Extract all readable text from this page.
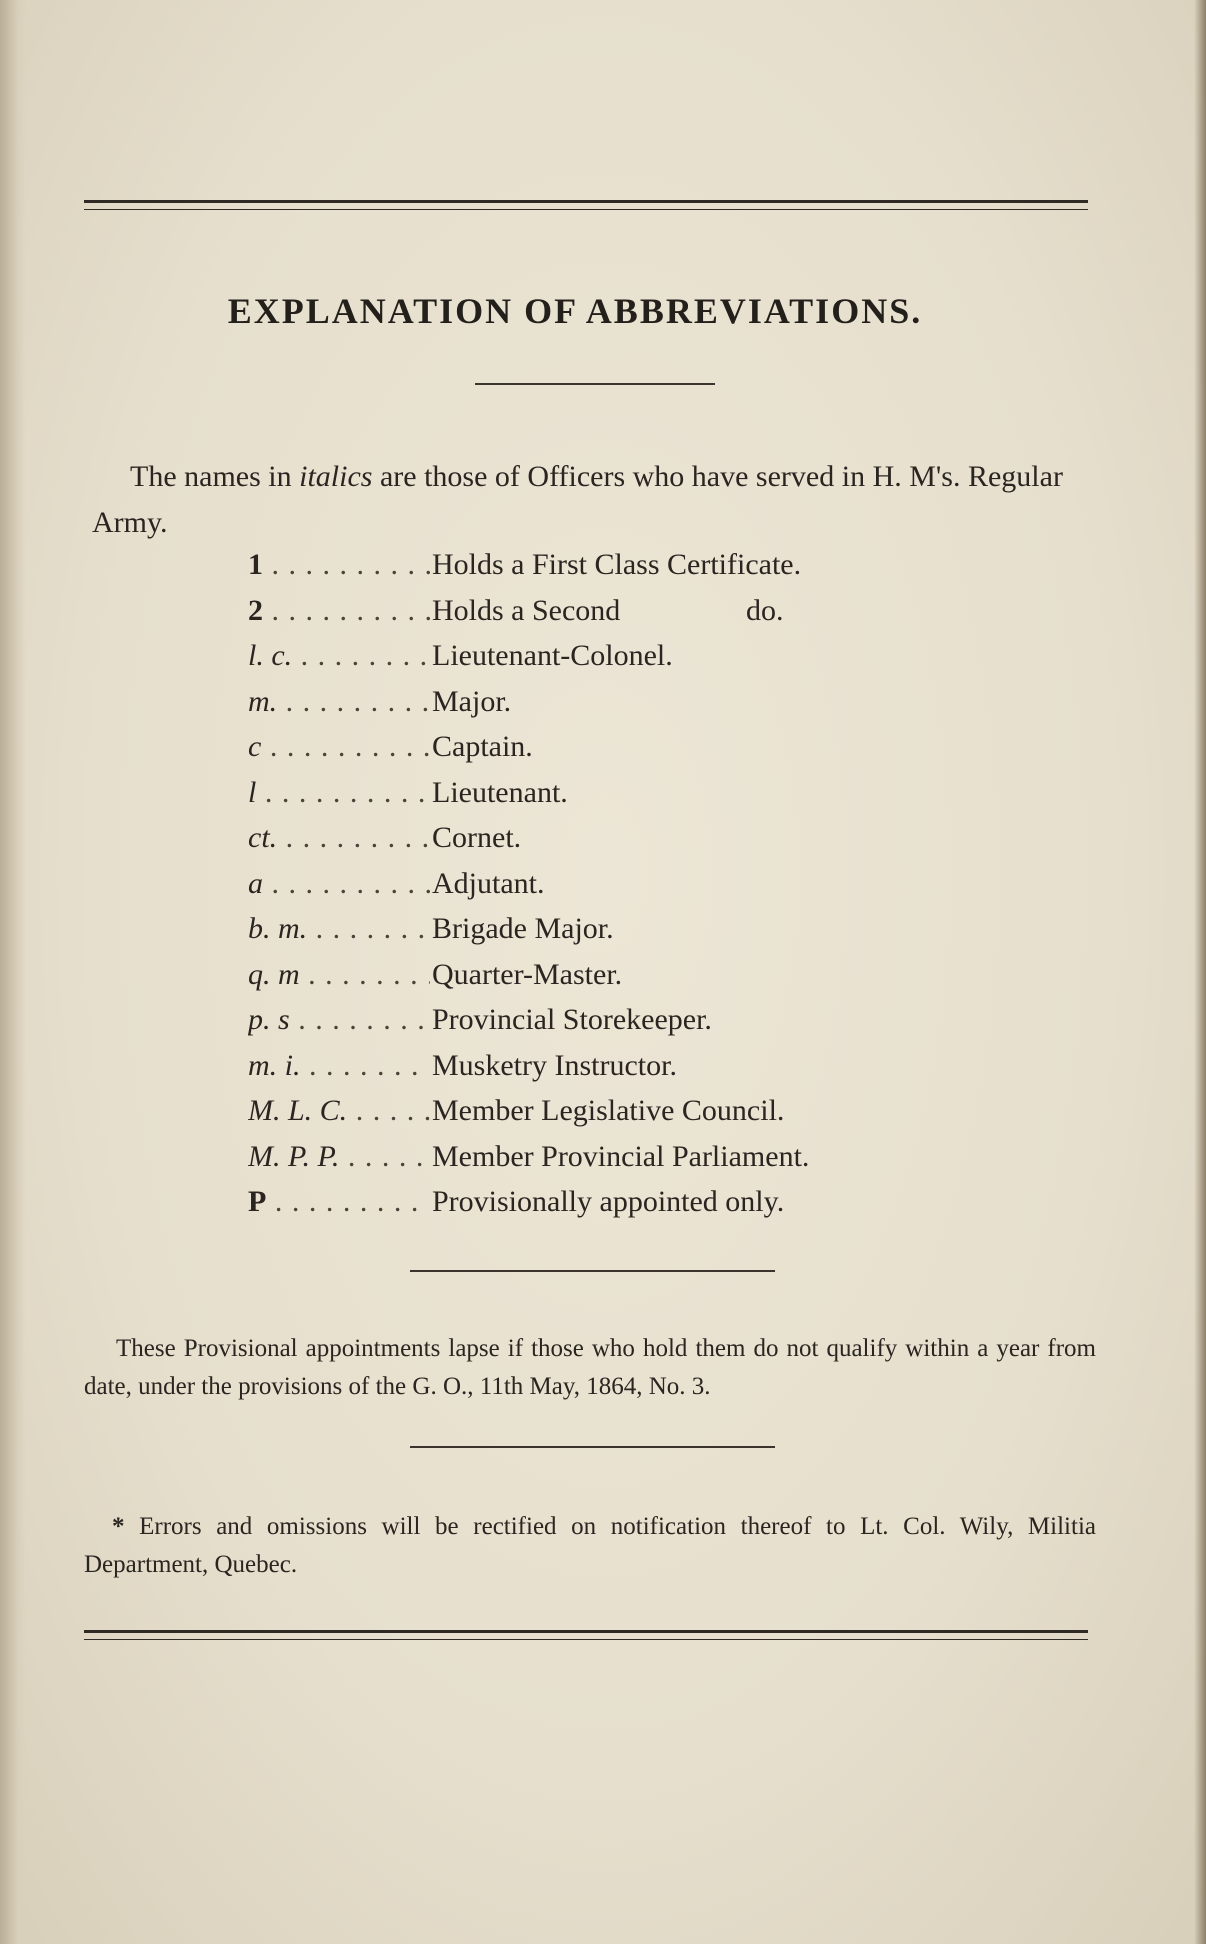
EXPLANATION OF ABBREVIATIONS.

The names in italics are those of Officers who have served in H. M's. Regular Army.

1 . . .	Holds a First Class Certificate.
2 . . .	Holds a Second	do.
l. c. . . .	Lieutenant-Colonel.
m. . . .	Major.
c . . .	Captain.
l . . .	Lieutenant.
ct. . . .	Cornet.
a . . .	Adjutant.
b. m. . . .	Brigade Major.
q. m . . .	Quarter-Master.
p. s . . .	Provincial Storekeeper.
m. i. . . .	Musketry Instructor.
M. L. C. . . .	Member Legislative Council.
M. P. P. . . .	Member Provincial Parliament.
P . . .	Provisionally appointed only.

These Provisional appointments lapse if those who hold them do not qualify within a year from date, under the provisions of the G. O., 11th May, 1864, No. 3.

* Errors and omissions will be rectified on notification thereof to Lt. Col. Wily, Militia Department, Quebec.
